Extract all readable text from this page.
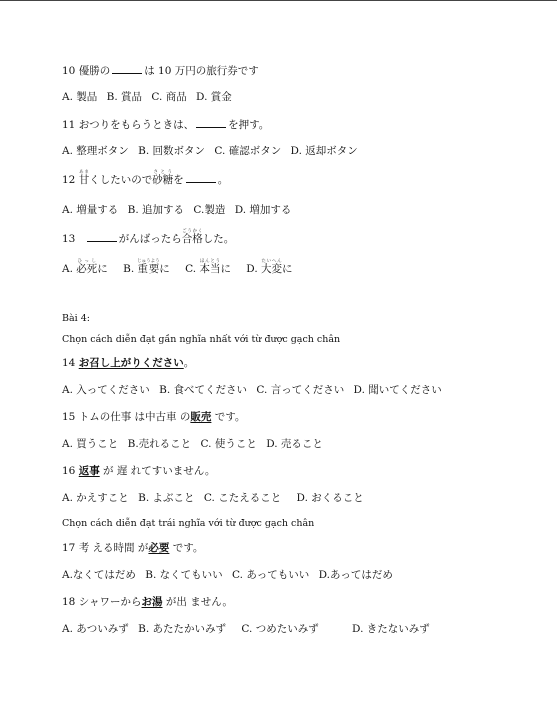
10 優勝の	は 10 万円の旅行券です
A. 製品 B. 賞品 C. 商品 D. 賞金
11 おつりをもらうときは、	を押す。
A. 整理ボタン B. 回数ボタン C. 確認ボタン D. 返却ボタン
12 甘あまくしたいので砂糖さとうを	。
A. 増量する B. 追加する C.製造 D. 増加する
13	がんばったら合格ごうかくした。
A. 必死ひっしに B. 重要じゅうように C. 本当ほんとうに D. 大変たいへんに
Bài 4:
Chọn cách diễn đạt gần nghĩa nhất với từ được gạch chân
14 お召し上がりください。
A. 入ってください B. 食べてください C. 言ってください D. 聞いてください
15 トムの仕事 は中古車 の販売 です。
A. 買うこと B.売れること C. 使うこと D. 売ること
16 返事 が 遅 れてすいません。
A. かえすこと B. よぶこと C. こたえること D. おくること
Chọn cách diễn đạt trái nghĩa với từ được gạch chân
17 考 える時間 が必要 です。
A.なくてはだめ B. なくてもいい C. あってもいい D.あってはだめ
18 シャワーからお湯 が出 ません。
A. あついみず B. あたたかいみず C. つめたいみず	D. きたないみず
